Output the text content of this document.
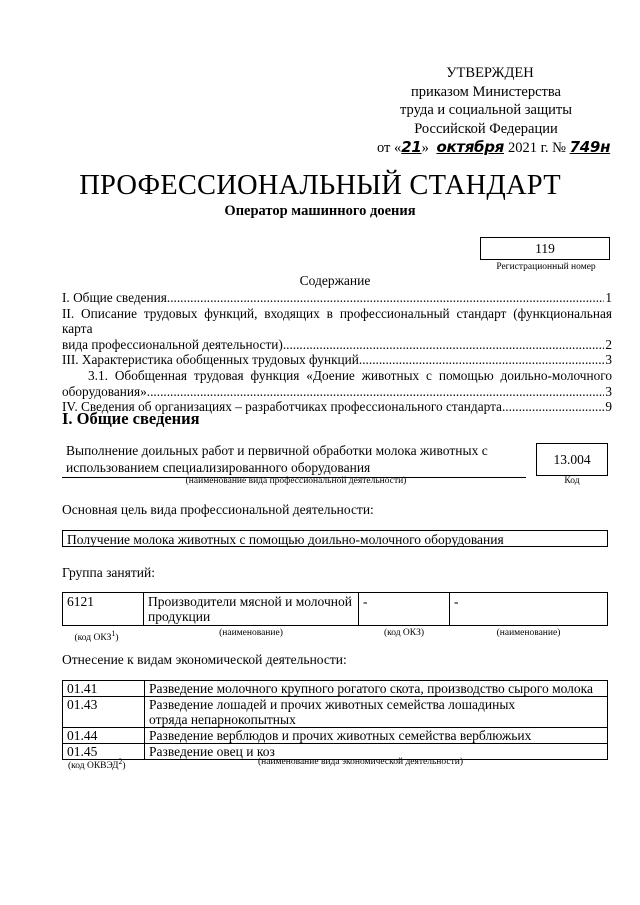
УТВЕРЖДЕН
приказом Министерства
труда и социальной защиты
Российской Федерации
от «21» октября 2021 г. № 749н
ПРОФЕССИОНАЛЬНЫЙ СТАНДАРТ
Оператор машинного доения
119
Регистрационный номер
Содержание
I. Общие сведения .....	1
II. Описание трудовых функций, входящих в профессиональный стандарт (функциональная карта
вида профессиональной деятельности) .....	2
III. Характеристика обобщенных трудовых функций .....	3
3.1. Обобщенная трудовая функция «Доение животных с помощью доильно-молочного
оборудования» .....	3
IV. Сведения об организациях – разработчиках профессионального стандарта .....	9
I. Общие сведения
Выполнение доильных работ и первичной обработки молока животных с
использованием специализированного оборудования
(наименование вида профессиональной деятельности)
13.004
Код
Основная цель вида профессиональной деятельности:
Получение молока животных с помощью доильно-молочного оборудования
Группа занятий:
6121	Производители мясной и молочной продукции	-	-
(код ОКЗ$^1$)	(наименование)	(код ОКЗ)	(наименование)
Отнесение к видам экономической деятельности:
01.41	Разведение молочного крупного рогатого скота, производство сырого молока
01.43	Разведение лошадей и прочих животных семейства лошадиных отряда непарнокопытных
01.44	Разведение верблюдов и прочих животных семейства верблюжьих
01.45	Разведение овец и коз
(код ОКВЭД$^2$)	(наименование вида экономической деятельности)
